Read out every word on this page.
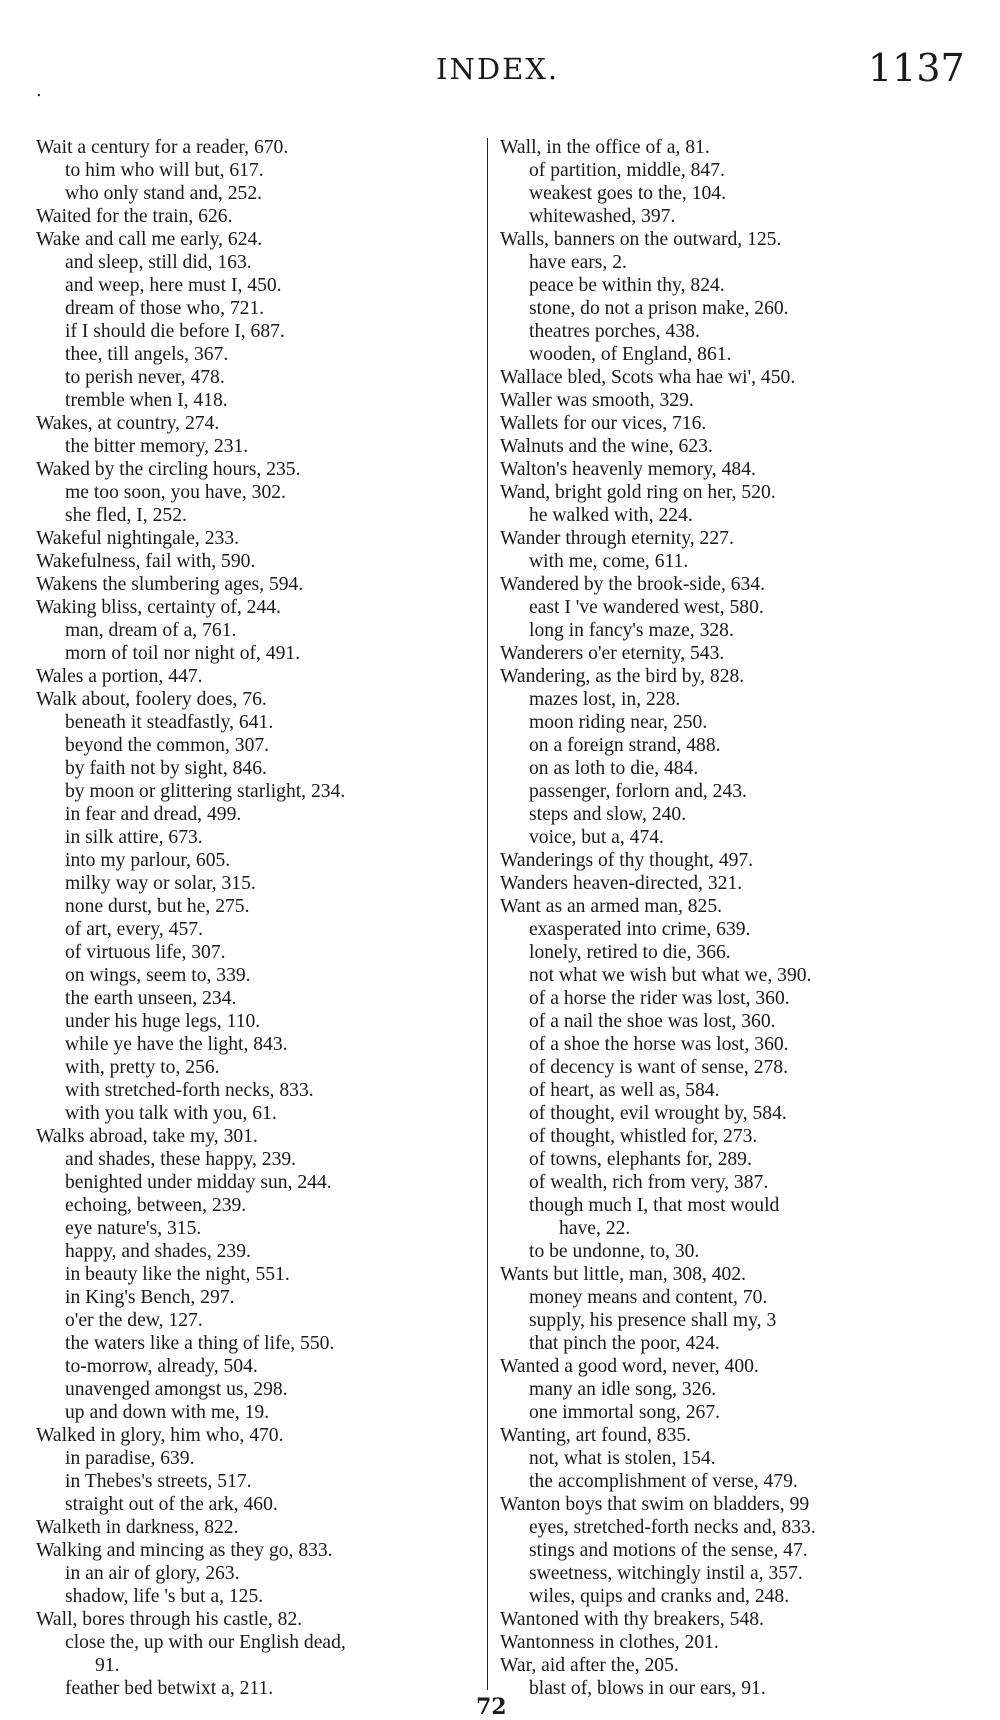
.
INDEX.	1137
Wait a century for a reader, 670.
to him who will but, 617.
who only stand and, 252.
Waited for the train, 626.
Wake and call me early, 624.
and sleep, still did, 163.
and weep, here must I, 450.
dream of those who, 721.
if I should die before I, 687.
thee, till angels, 367.
to perish never, 478.
tremble when I, 418.
Wakes, at country, 274.
the bitter memory, 231.
Waked by the circling hours, 235.
me too soon, you have, 302.
she fled, I, 252.
Wakeful nightingale, 233.
Wakefulness, fail with, 590.
Wakens the slumbering ages, 594.
Waking bliss, certainty of, 244.
man, dream of a, 761.
morn of toil nor night of, 491.
Wales a portion, 447.
Walk about, foolery does, 76.
beneath it steadfastly, 641.
beyond the common, 307.
by faith not by sight, 846.
by moon or glittering starlight, 234.
in fear and dread, 499.
in silk attire, 673.
into my parlour, 605.
milky way or solar, 315.
none durst, but he, 275.
of art, every, 457.
of virtuous life, 307.
on wings, seem to, 339.
the earth unseen, 234.
under his huge legs, 110.
while ye have the light, 843.
with, pretty to, 256.
with stretched-forth necks, 833.
with you talk with you, 61.
Walks abroad, take my, 301.
and shades, these happy, 239.
benighted under midday sun, 244.
echoing, between, 239.
eye nature's, 315.
happy, and shades, 239.
in beauty like the night, 551.
in King's Bench, 297.
o'er the dew, 127.
the waters like a thing of life, 550.
to-morrow, already, 504.
unavenged amongst us, 298.
up and down with me, 19.
Walked in glory, him who, 470.
in paradise, 639.
in Thebes's streets, 517.
straight out of the ark, 460.
Walketh in darkness, 822.
Walking and mincing as they go, 833.
in an air of glory, 263.
shadow, life 's but a, 125.
Wall, bores through his castle, 82.
close the, up with our English dead,
91.
feather bed betwixt a, 211.
Wall, in the office of a, 81.
of partition, middle, 847.
weakest goes to the, 104.
whitewashed, 397.
Walls, banners on the outward, 125.
have ears, 2.
peace be within thy, 824.
stone, do not a prison make, 260.
theatres porches, 438.
wooden, of England, 861.
Wallace bled, Scots wha hae wi', 450.
Waller was smooth, 329.
Wallets for our vices, 716.
Walnuts and the wine, 623.
Walton's heavenly memory, 484.
Wand, bright gold ring on her, 520.
he walked with, 224.
Wander through eternity, 227.
with me, come, 611.
Wandered by the brook-side, 634.
east I 've wandered west, 580.
long in fancy's maze, 328.
Wanderers o'er eternity, 543.
Wandering, as the bird by, 828.
mazes lost, in, 228.
moon riding near, 250.
on a foreign strand, 488.
on as loth to die, 484.
passenger, forlorn and, 243.
steps and slow, 240.
voice, but a, 474.
Wanderings of thy thought, 497.
Wanders heaven-directed, 321.
Want as an armed man, 825.
exasperated into crime, 639.
lonely, retired to die, 366.
not what we wish but what we, 390.
of a horse the rider was lost, 360.
of a nail the shoe was lost, 360.
of a shoe the horse was lost, 360.
of decency is want of sense, 278.
of heart, as well as, 584.
of thought, evil wrought by, 584.
of thought, whistled for, 273.
of towns, elephants for, 289.
of wealth, rich from very, 387.
though much I, that most would
have, 22.
to be undonne, to, 30.
Wants but little, man, 308, 402.
money means and content, 70.
supply, his presence shall my, 3
that pinch the poor, 424.
Wanted a good word, never, 400.
many an idle song, 326.
one immortal song, 267.
Wanting, art found, 835.
not, what is stolen, 154.
the accomplishment of verse, 479.
Wanton boys that swim on bladders, 99
eyes, stretched-forth necks and, 833.
stings and motions of the sense, 47.
sweetness, witchingly instil a, 357.
wiles, quips and cranks and, 248.
Wantoned with thy breakers, 548.
Wantonness in clothes, 201.
War, aid after the, 205.
blast of, blows in our ears, 91.
72
